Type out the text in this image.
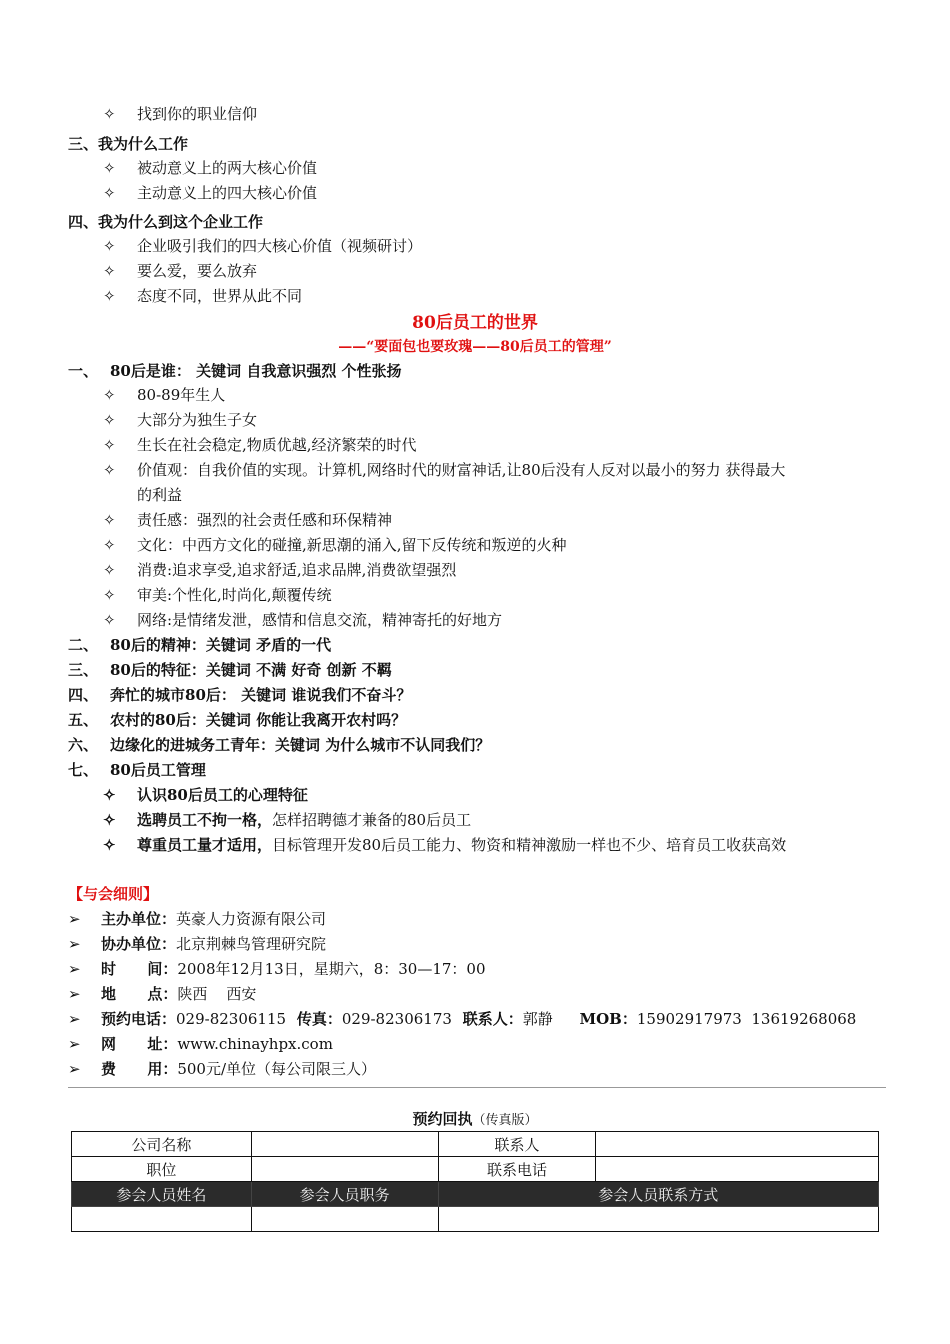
✧ 找到你的职业信仰
三、我为什么工作
✧ 被动意义上的两大核心价值
✧ 主动意义上的四大核心价值
四、我为什么到这个企业工作
✧ 企业吸引我们的四大核心价值（视频研讨）
✧ 要么爱，要么放弃
✧ 态度不同，世界从此不同
80后员工的世界
——“要面包也要玫瑰——80后员工的管理”
一、 80后是谁： 关键词 自我意识强烈 个性张扬
✧ 80-89年生人
✧ 大部分为独生子女
✧ 生长在社会稳定,物质优越,经济繁荣的时代
✧ 价值观：自我价值的实现。计算机,网络时代的财富神话,让80后没有人反对以最小的努力 获得最大
的利益
✧ 责任感：强烈的社会责任感和环保精神
✧ 文化：中西方文化的碰撞,新思潮的涌入,留下反传统和叛逆的火种
✧ 消费:追求享受,追求舒适,追求品牌,消费欲望强烈
✧ 审美:个性化,时尚化,颠覆传统
✧ 网络:是情绪发泄，感情和信息交流，精神寄托的好地方
二、 80后的精神：关键词 矛盾的一代
三、 80后的特征：关键词 不满 好奇 创新 不羁
四、 奔忙的城市80后： 关键词 谁说我们不奋斗？
五、 农村的80后：关键词 你能让我离开农村吗？
六、 边缘化的进城务工青年：关键词 为什么城市不认同我们？
七、 80后员工管理
✧ 认识80后员工的心理特征
✧ 选聘员工不拘一格，怎样招聘德才兼备的80后员工
✧ 尊重员工量才适用，目标管理开发80后员工能力、物资和精神激励一样也不少、培育员工收获高效
【与会细则】
➢ 主办单位：英豪人力资源有限公司
➢ 协办单位：北京荆棘鸟管理研究院
➢ 时      间：2008年12月13日，星期六，8：30—17：00
➢ 地      点：陕西    西安
➢ 预约电话：029-82306115 传真：029-82306173 联系人：郭静 MOB：15902917973  13619268068
➢ 网      址：www.chinayhpx.com
➢ 费      用：500元/单位（每公司限三人）
预约回执（传真版）
公司名称		联系人	
职位		联系电话	
参会人员姓名	参会人员职务	参会人员联系方式	
